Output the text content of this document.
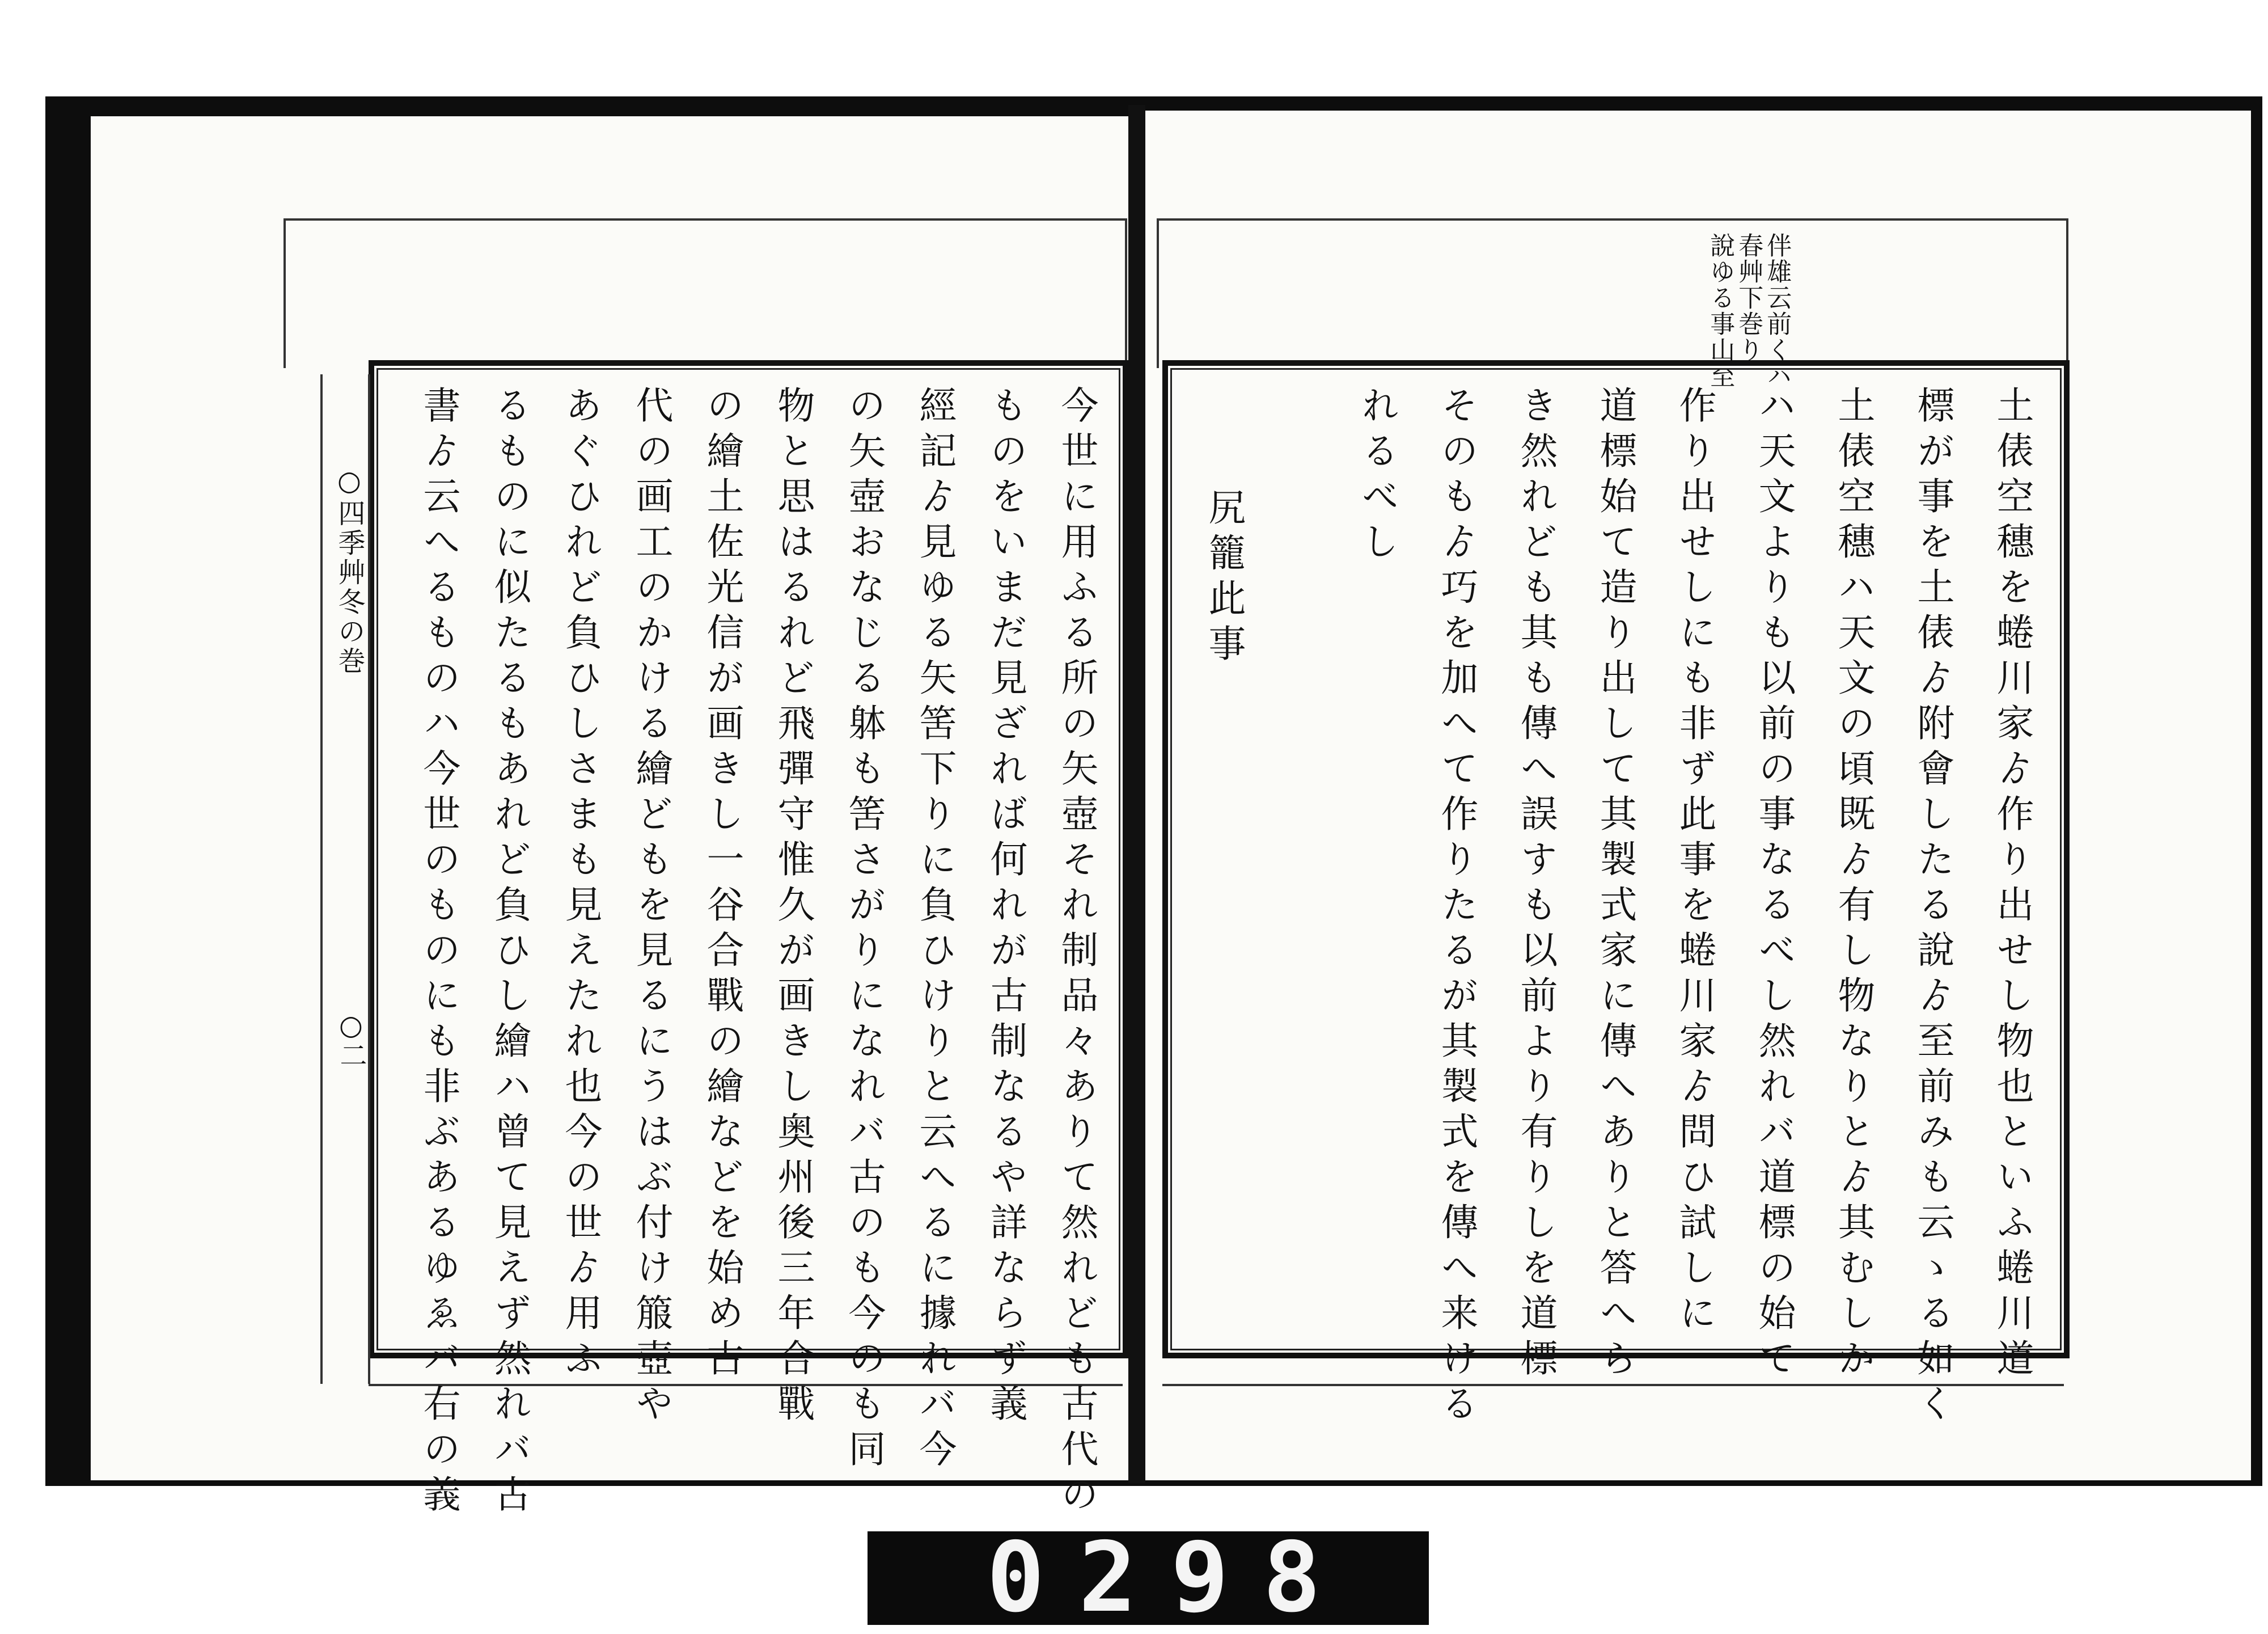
伴雄云前くハ
春艸下巻り
說ゆる事山至
土俵空穗を蜷川家ゟ作り出せし物也といふ蜷川道
標が事を土俵ゟ附會したる說ゟ至前みも云ゝる如く
土俵空穗ハ天文の頃既ゟ有し物なりとゟ其むしか
ハ天文よりも以前の事なるべし然れバ道標の始て
作り出せしにも非ず此事を蜷川家ゟ問ひ試しに
道標始て造り出して其製式家に傳へありと答へら
き然れども其も傳へ誤すも以前より有りしを道標
そのもゟ巧を加へて作りたるが其製式を傳へ来ける
れるべし
尻籠此事
○四季艸冬の巻
○二	今世に用ふる所の矢壺それ制品々ありて然れども古代の
ものをいまだ見ざれば何れが古制なるや詳ならず義
經記ゟ見ゆる矢筈下りに負ひけりと云へるに據れバ今
の矢壺おなじる躰も筈さがりになれバ古のも今のも同
物と思はるれど飛彈守惟久が画きし奥州後三年合戰
の繪土佐光信が画きし一谷合戰の繪などを始め古
代の画工のかける繪どもを見るにうはぶ付け箙壺や
あぐひれど負ひしさまも見えたれ也今の世ゟ用ふ
るものに似たるもあれど負ひし繪ハ曾て見えず然れバ古
書ゟ云へるものハ今世のものにも非ぶあるゆゑバ右の義
0298
